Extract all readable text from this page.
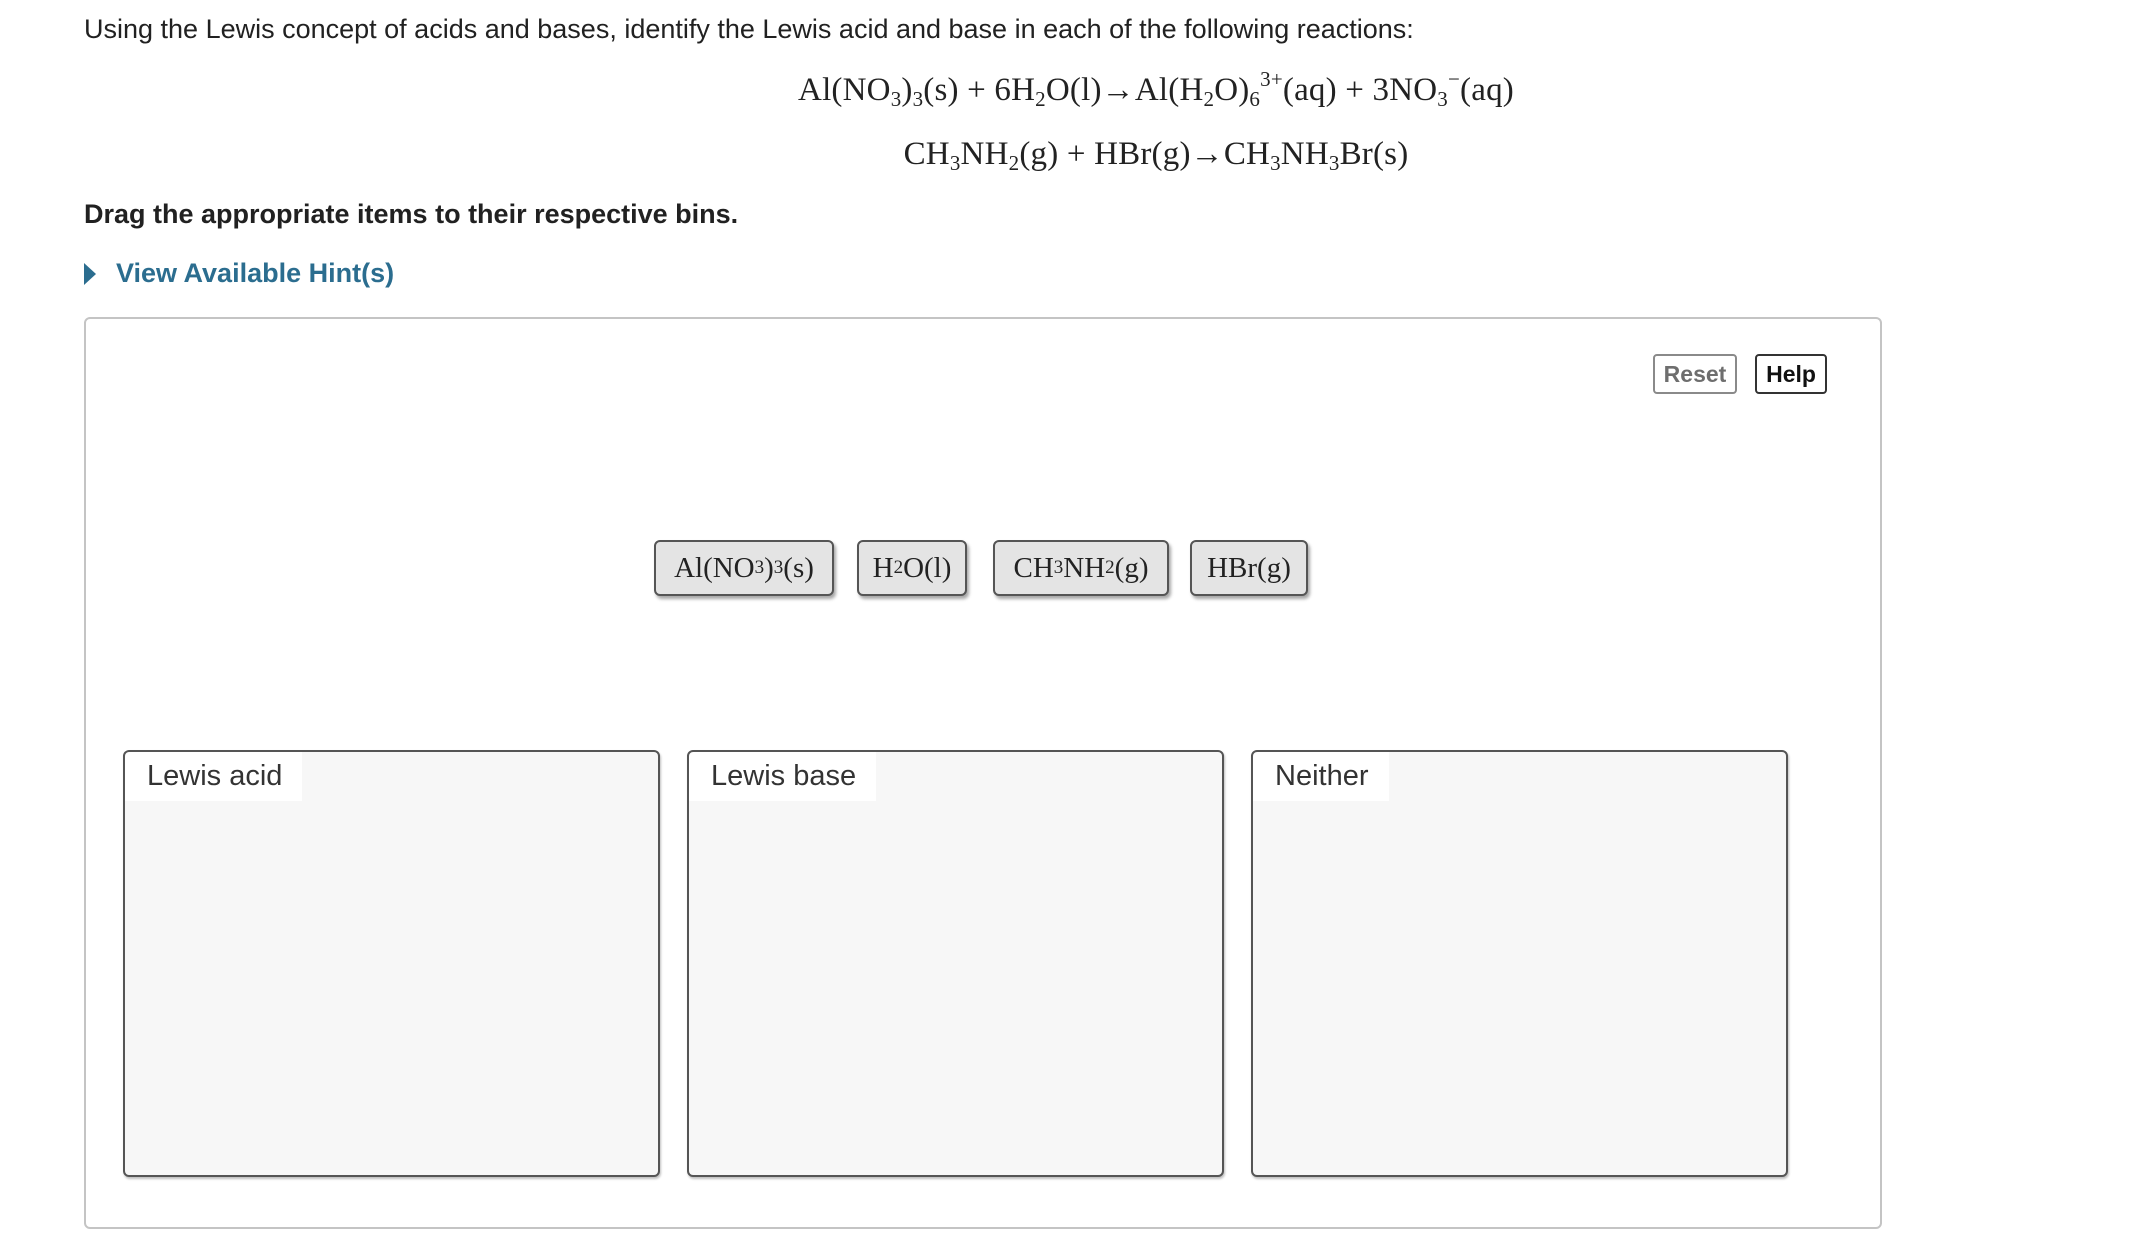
Using the Lewis concept of acids and bases, identify the Lewis acid and base in each of the following reactions:
$Al(NO_3)_3(s) + 6H_2O(l)\to Al(H_2O)_6^{3+}(aq) + 3NO_3^-(aq)$
$CH_3NH_2(g) + HBr(g)\to CH_3NH_3Br(s)$
Drag the appropriate items to their respective bins.
View Available Hint(s)
Reset	Help
Al(NO 3 ) 3 (s)	H 2 O(l)	CH 3 NH 2 (g)	HBr(g)
Lewis acid	Lewis base	Neither
